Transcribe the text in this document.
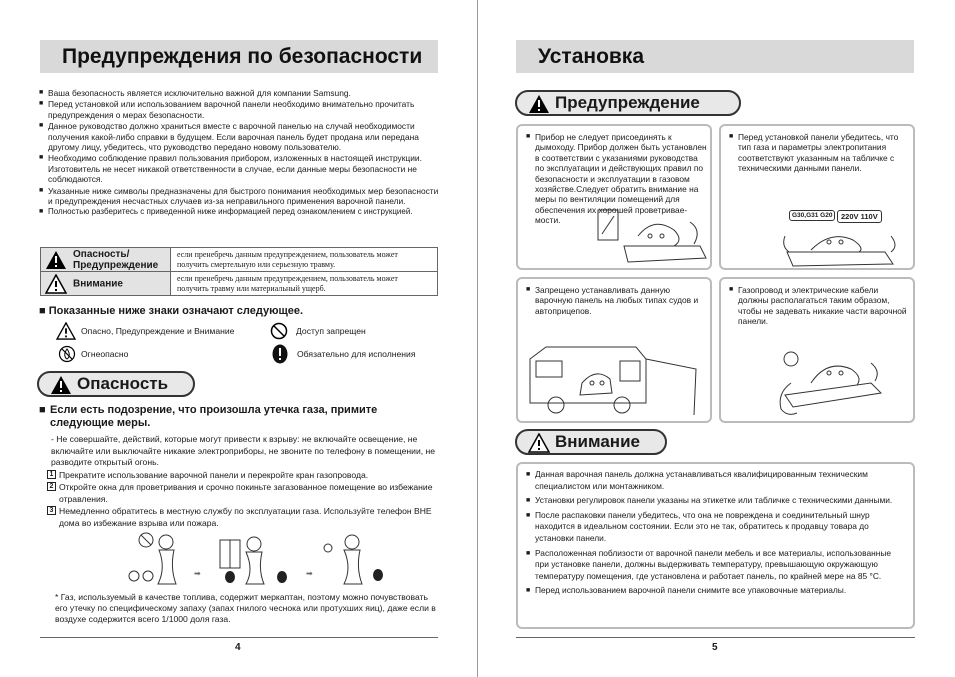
Предупреждения по безопасности

■ Ваша безопасность является исключительно важной для компании Samsung.

■ Перед установкой или использованием варочной панели необходимо внимательно прочитать предупреждения о мерах безопасности.

■ Данное руководство должно храниться вместе с варочной панелью на случай необходимости получения какой-либо справки в будущем. Если варочная панель будет продана или передана другому лицу, убедитесь, что руководство передано новому пользователю.

■ Необходимо соблюдение правил пользования прибором, изложенных в настоящей инструкции. Изготовитель не несет никакой ответственности в случае, если данные меры безопасности не соблюдаются.

■ Указанные ниже символы предназначены для быстрого понимания необходимых мер безопасности и предупреждения несчастных случаев из-за неправильного применения варочной панели.

■ Полностью разберитесь с приведенной ниже информацией перед ознакомлением с инструкцией.

Опасность/ Предупреждение	если пренебречь данным предупреждением, пользователь может получить смертельную или серьезную травму.
Внимание	если пренебречь данным предупреждением, пользователь может получить травму или материальный ущерб.
■ Показанные ниже знаки означают следующее.
Опасно, Предупреждение и Внимание	Доступ запрещен
Огнеопасно	Обязательно для исполнения
Опасность
■ Если есть подозрение, что произошла утечка газа, примите следующие меры.
- Не совершайте, действий, которые могут привести к взрыву: не включайте освещение, не включайте или выключайте никакие электроприборы, не звоните по телефону в помещении, не разводите открытый огонь.

1 Прекратите использование варочной панели и перекройте кран газопровода.

2 Откройте окна для проветривания и срочно покиньте загазованное помещение во избежание отравления.

3 Немедленно обратитесь в местную службу по эксплуатации газа. Используйте телефон ВНЕ дома во избежание взрыва или пожара.

➡	➡
* Газ, используемый в качестве топлива, содержит меркаптан, поэтому можно почувствовать его утечку по специфическому запаху (запах гнилого чеснока или протухших яиц), даже если в воздухе содержится всего 1/1000 доля газа.
4
Установка
Предупреждение

■ Прибор не следует присоединять к дымоходу. Прибор должен быть установлен в соответствии с указаниями руководства по эксплуатации и действующих правил по безопасности и эксплуатации в газовом хозяйстве.Следует обратить внимание на меры по вентиляции помещений для обеспечения их хорошей проветривае- мости.

■ Перед установкой панели убедитесь, что тип газа и параметры электропитания соответствуют указанным на табличке с техническими данными панели.

G30,G31 G20	220V 110V

■ Запрещено устанавливать данную варочную панель на любых типах судов и автоприцепов.

■ Газопровод и электрические кабели должны располагаться таким образом, чтобы не задевать никакие части варочной панели.

Внимание

■ Данная варочная панель должна устанавливаться квалифицированным техническим специалистом или монтажником.

■ Установки регулировок панели указаны на этикетке или табличке с техническими данными.

■ После распаковки панели убедитесь, что она не повреждена и соединительный шнур находится в идеальном состоянии. Если это не так, обратитесь к продавцу товара до установки панели.

■ Расположенная поблизости от варочной панели мебель и все материалы, использованные при установке панели, должны выдерживать температуру, превышающую окружающую температуру помещения, где установлена и работает панель, по крайней мере на 85 °С.

■ Перед использованием варочной панели снимите все упаковочные материалы.

5
